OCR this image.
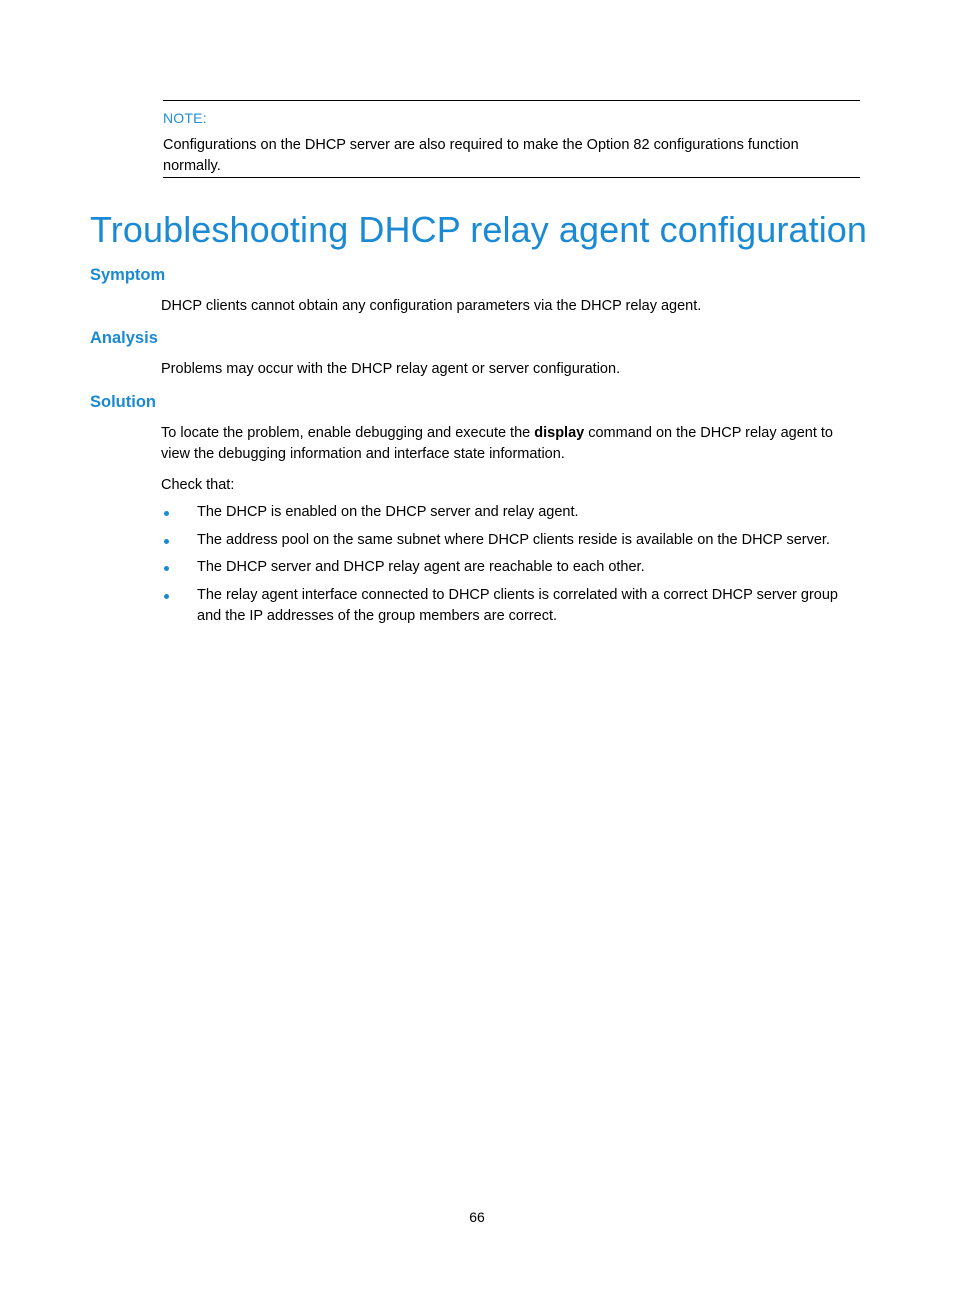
NOTE:

Configurations on the DHCP server are also required to make the Option 82 configurations function normally.

Troubleshooting DHCP relay agent configuration
Symptom

DHCP clients cannot obtain any configuration parameters via the DHCP relay agent.

Analysis

Problems may occur with the DHCP relay agent or server configuration.

Solution

To locate the problem, enable debugging and execute the display command on the DHCP relay agent to view the debugging information and interface state information.

Check that:

The DHCP is enabled on the DHCP server and relay agent.
The address pool on the same subnet where DHCP clients reside is available on the DHCP server.
The DHCP server and DHCP relay agent are reachable to each other.
The relay agent interface connected to DHCP clients is correlated with a correct DHCP server group and the IP addresses of the group members are correct.
66
